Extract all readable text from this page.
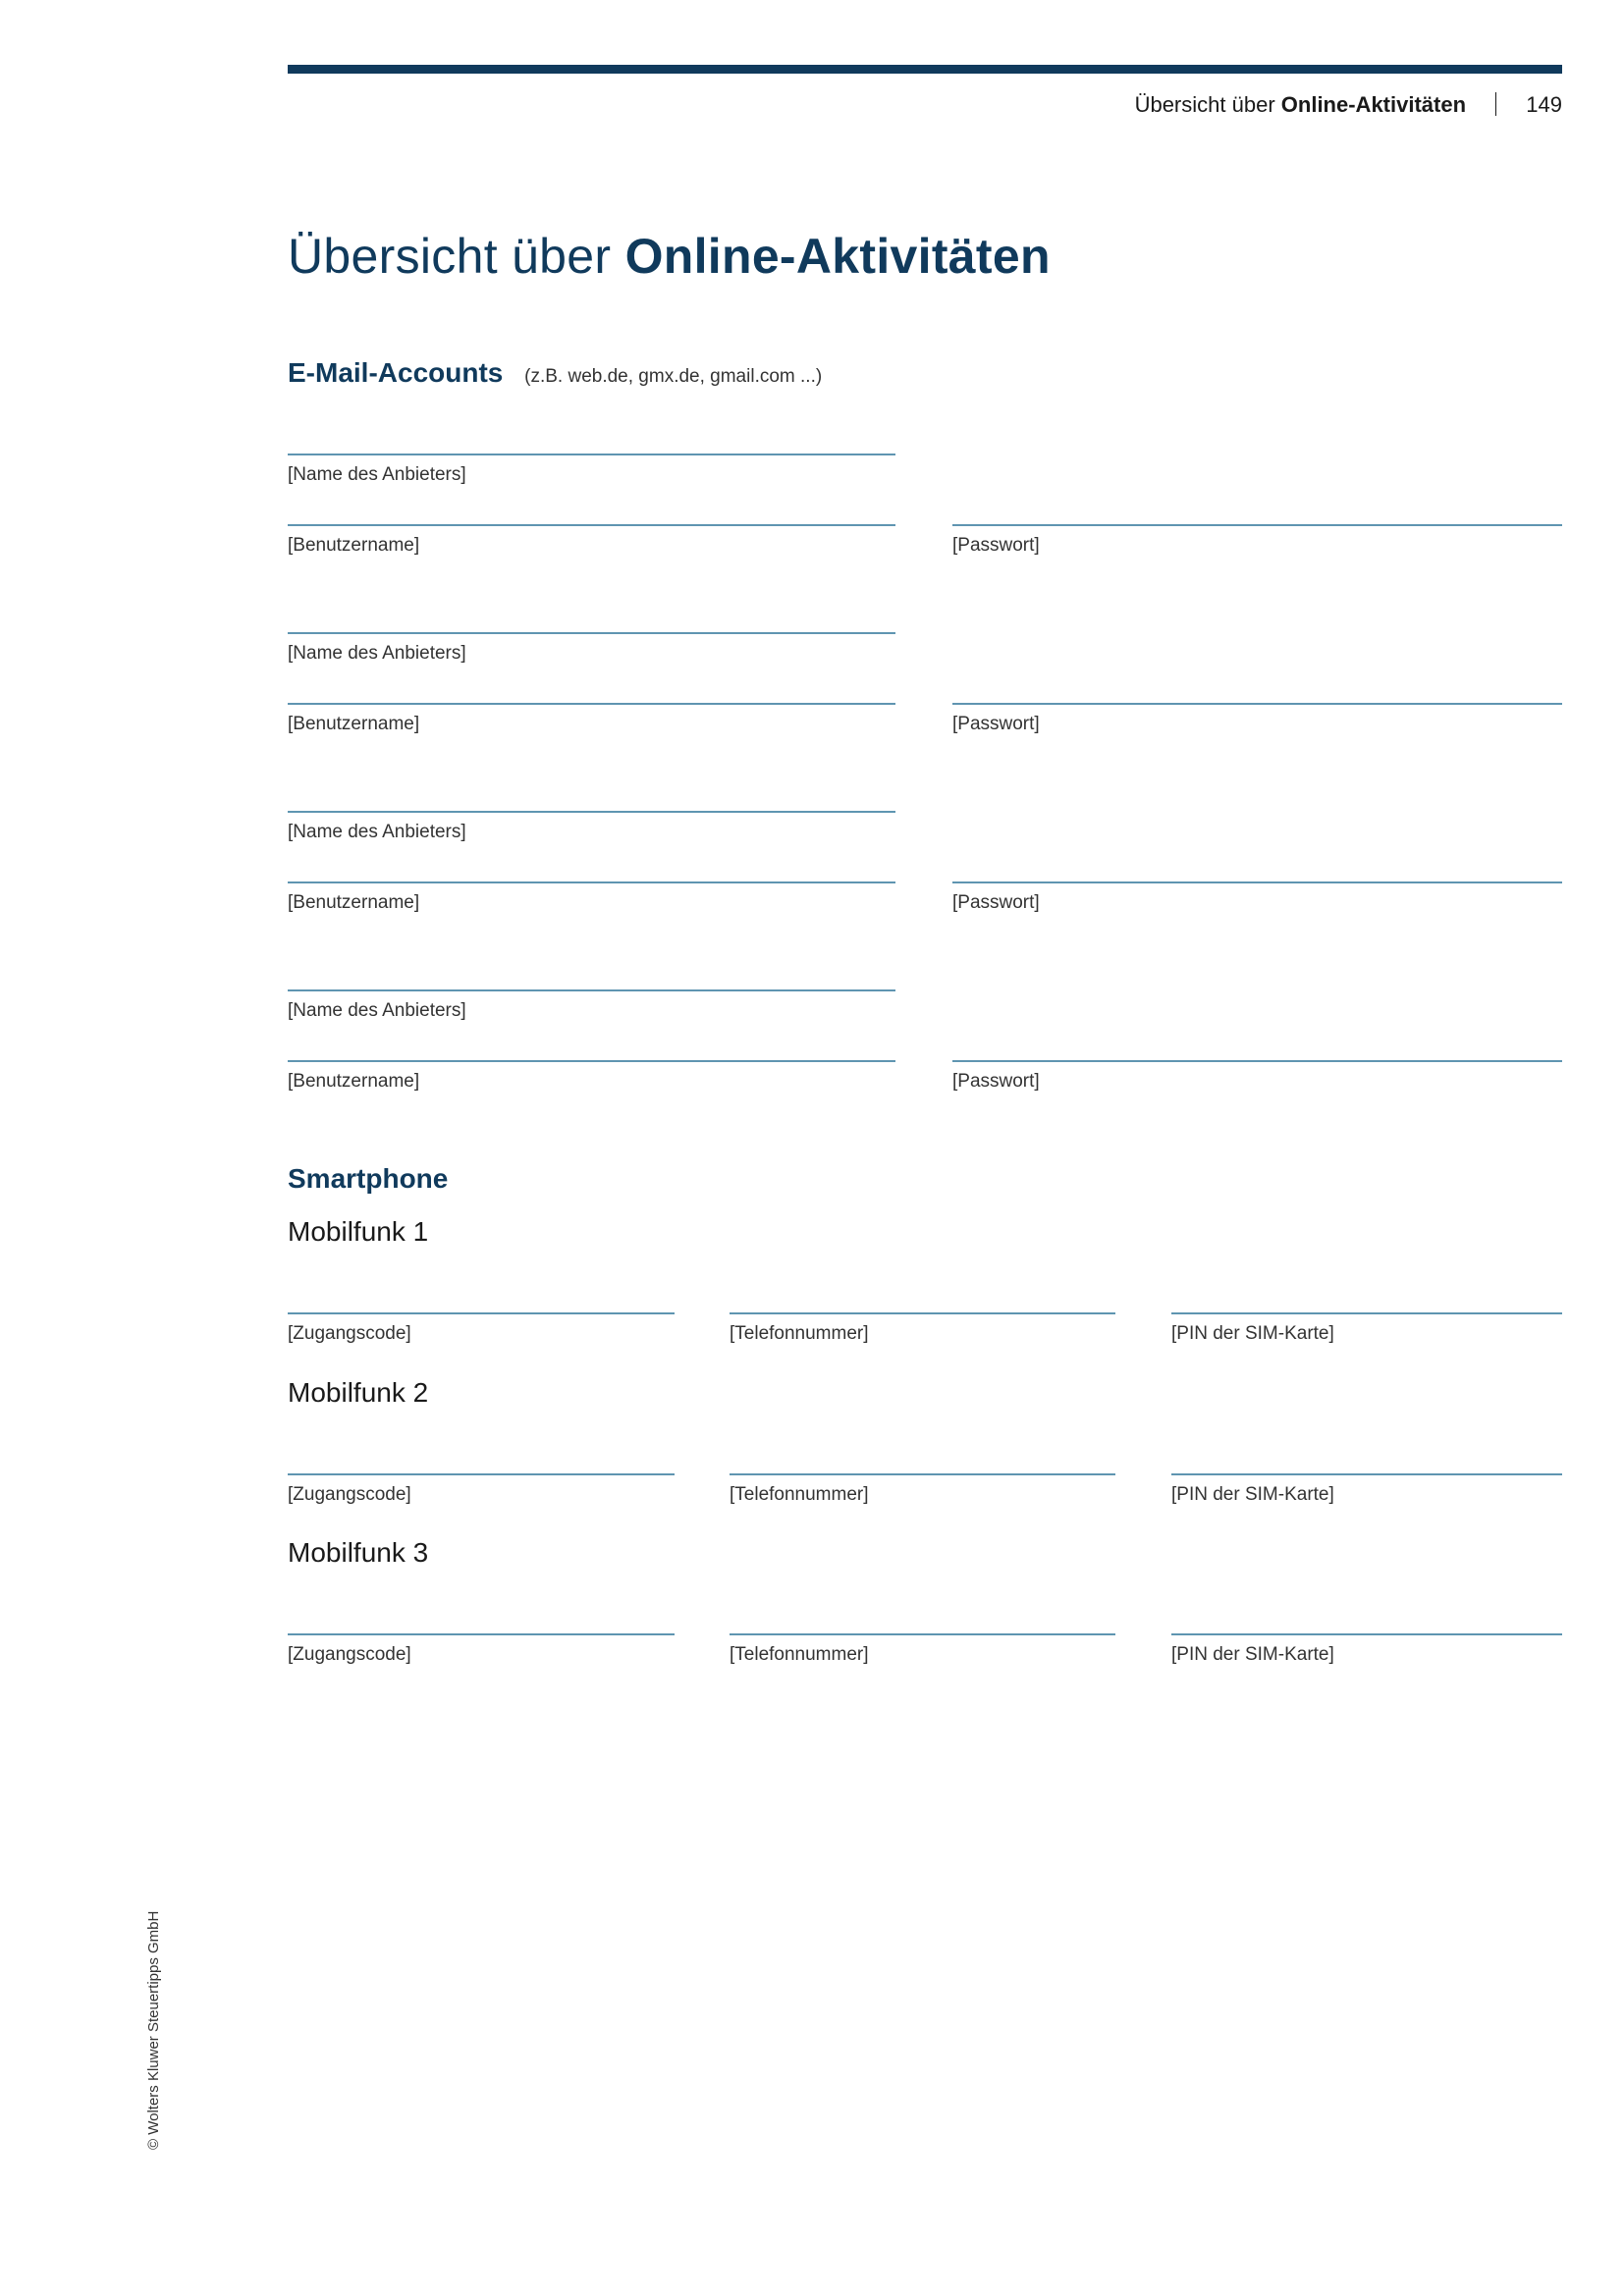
Übersicht über Online-Aktivitäten	149
Übersicht über Online-Aktivitäten
E-Mail-Accounts (z.B. web.de, gmx.de, gmail.com ...)
[Name des Anbieters]
[Benutzername]	[Passwort]
[Name des Anbieters]
[Benutzername]	[Passwort]
[Name des Anbieters]
[Benutzername]	[Passwort]
[Name des Anbieters]
[Benutzername]	[Passwort]
Smartphone
Mobilfunk 1
[Zugangscode]	[Telefonnummer]	[PIN der SIM-Karte]
Mobilfunk 2
[Zugangscode]	[Telefonnummer]	[PIN der SIM-Karte]
Mobilfunk 3
[Zugangscode]	[Telefonnummer]	[PIN der SIM-Karte]
© Wolters Kluwer Steuertipps GmbH
